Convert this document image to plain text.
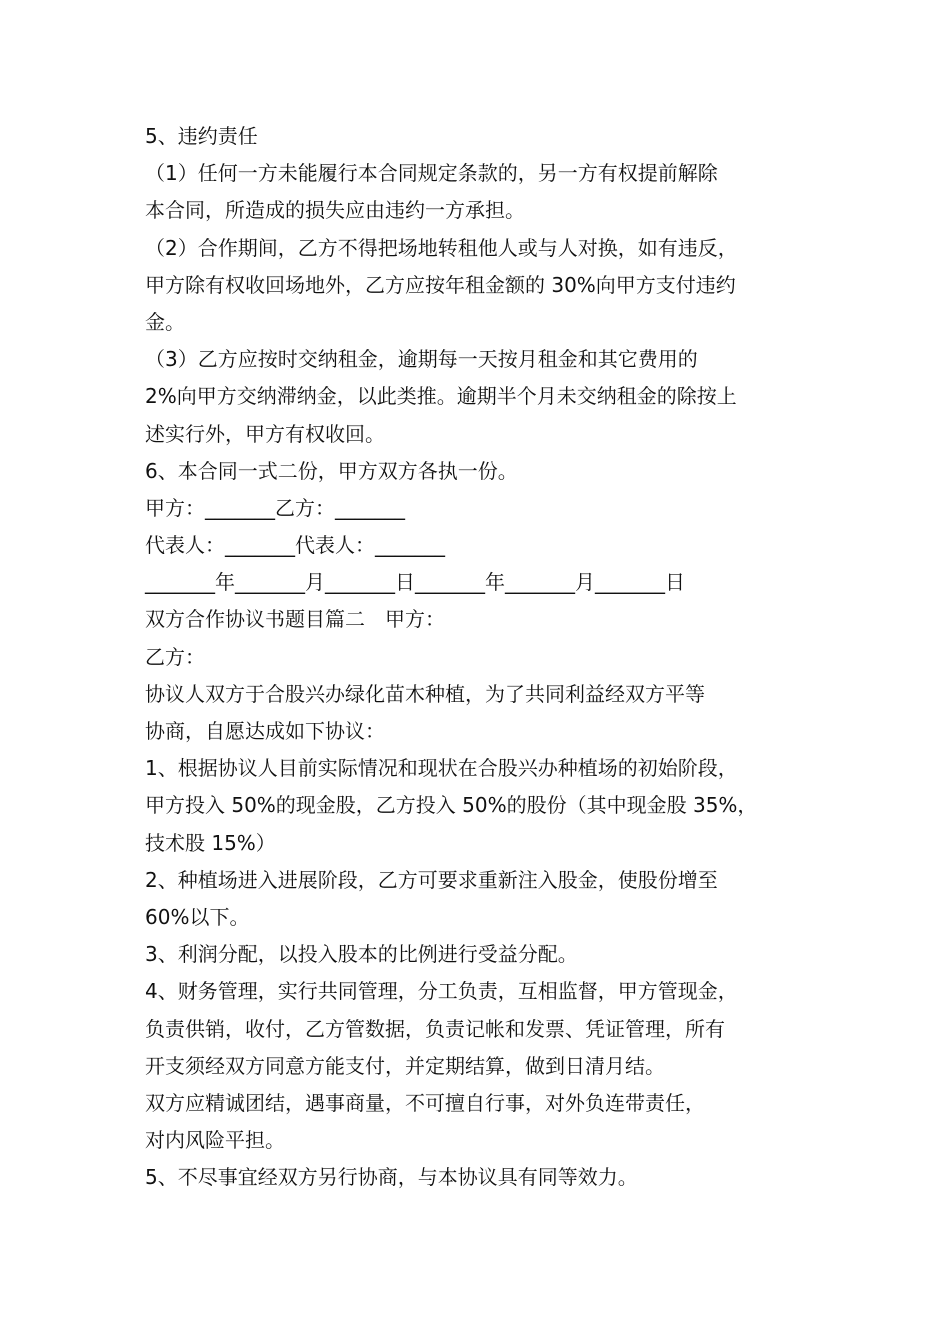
5、违约责任
（1）任何一方未能履行本合同规定条款的，另一方有权提前解除
本合同，所造成的损失应由违约一方承担。
（2）合作期间，乙方不得把场地转租他人或与人对换，如有违反，
甲方除有权收回场地外，乙方应按年租金额的 30%向甲方支付违约
金。
（3）乙方应按时交纳租金，逾期每一天按月租金和其它费用的
2%向甲方交纳滞纳金，以此类推。逾期半个月未交纳租金的除按上
述实行外，甲方有权收回。
6、本合同一式二份，甲方双方各执一份。
甲方：_______乙方：_______
代表人：_______代表人：_______
_______年_______月_______日_______年_______月_______日
双方合作协议书题目篇二　甲方：
乙方：
协议人双方于合股兴办绿化苗木种植，为了共同利益经双方平等
协商，自愿达成如下协议：
1、根据协议人目前实际情况和现状在合股兴办种植场的初始阶段，
甲方投入 50%的现金股，乙方投入 50%的股份（其中现金股 35%，
技术股 15%）
2、种植场进入进展阶段，乙方可要求重新注入股金，使股份增至
60%以下。
3、利润分配，以投入股本的比例进行受益分配。
4、财务管理，实行共同管理，分工负责，互相监督，甲方管现金，
负责供销，收付，乙方管数据，负责记帐和发票、凭证管理，所有
开支须经双方同意方能支付，并定期结算，做到日清月结。
双方应精诚团结，遇事商量，不可擅自行事，对外负连带责任，
对内风险平担。
5、不尽事宜经双方另行协商，与本协议具有同等效力。
